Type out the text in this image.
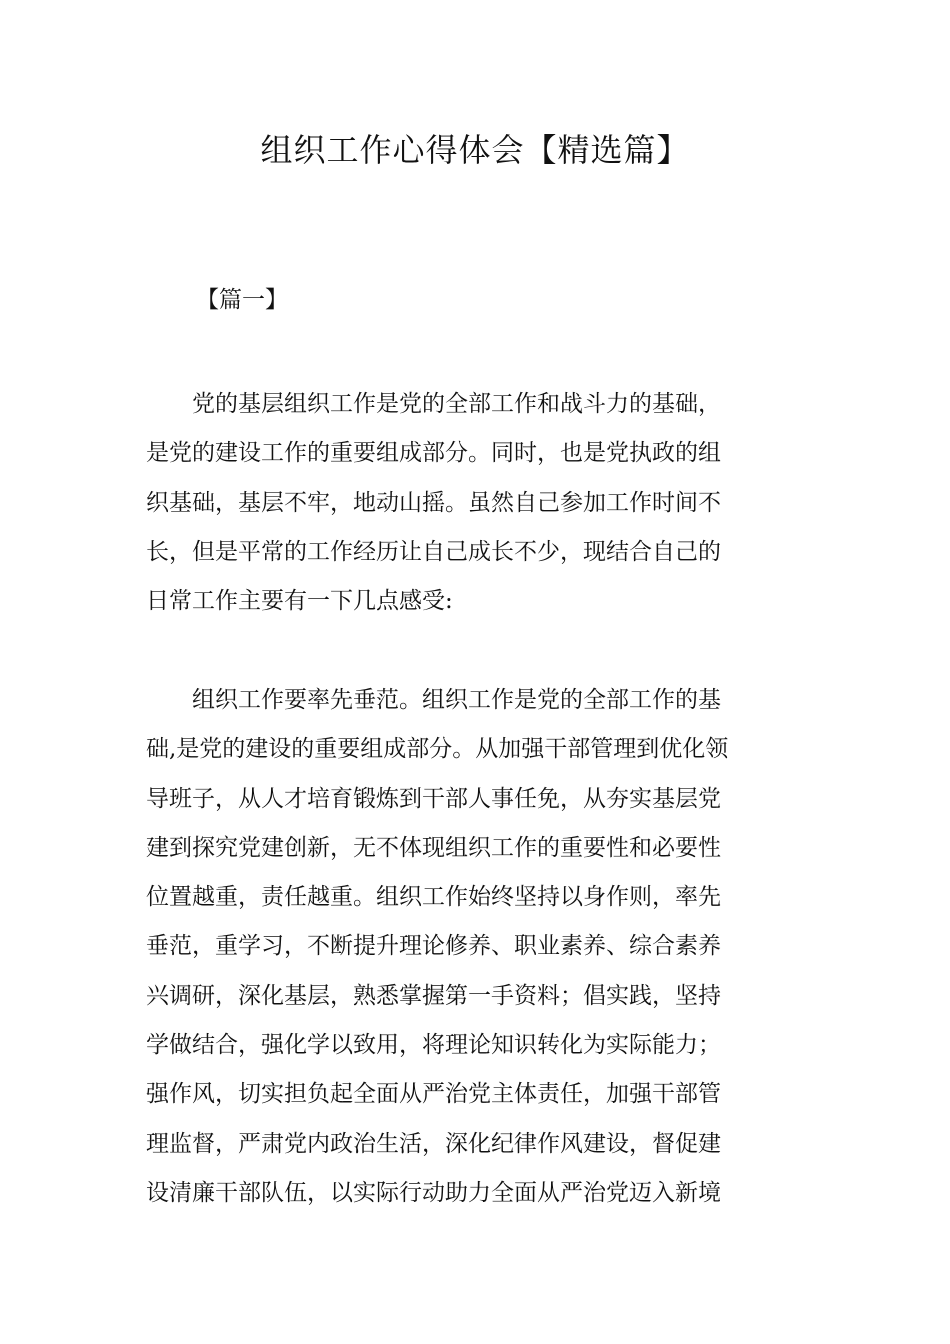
组织工作心得体会【精选篇】
【篇一】
　　党的基层组织工作是党的全部工作和战斗力的基础，
是党的建设工作的重要组成部分。同时，也是党执政的组
织基础，基层不牢，地动山摇。虽然自己参加工作时间不
长，但是平常的工作经历让自己成长不少，现结合自己的
日常工作主要有一下几点感受:
　　组织工作要率先垂范。组织工作是党的全部工作的基
础,是党的建设的重要组成部分。从加强干部管理到优化领
导班子，从人才培育锻炼到干部人事任免，从夯实基层党
建到探究党建创新，无不体现组织工作的重要性和必要性
位置越重，责任越重。组织工作始终坚持以身作则，率先
垂范，重学习，不断提升理论修养、职业素养、综合素养
兴调研，深化基层，熟悉掌握第一手资料；倡实践，坚持
学做结合，强化学以致用，将理论知识转化为实际能力；
强作风，切实担负起全面从严治党主体责任，加强干部管
理监督，严肃党内政治生活，深化纪律作风建设，督促建
设清廉干部队伍，以实际行动助力全面从严治党迈入新境
